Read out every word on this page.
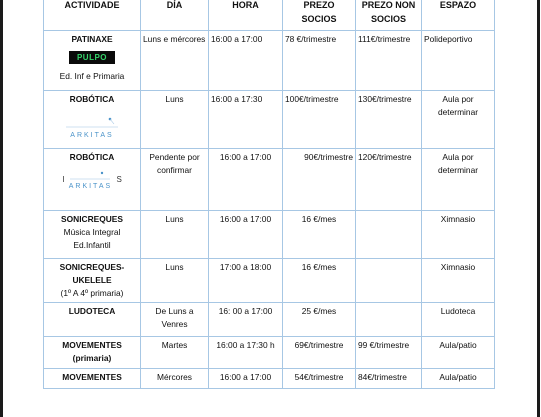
ACTIVIDADE	DÍA	HORA	PREZO SOCIOS	PREZO NON SOCIOS	ESPAZO

PATINAXE
PULPO
Ed. Inf e Primaria	Luns e mércores	16:00 a 17:00	78 €/trimestre	111€/trimestre	Polideportivo

ROBÓTICA
ARKITAS	Luns	16:00 a 17:30	100€/trimestre	130€/trimestre	Aula por determinar

ROBÓTICA
I
ARKITAS
S	Pendente por confirmar	16:00 a 17:00	90€/trimestre	120€/trimestre	Aula por determinar

SONICREQUES
Música Integral
Ed.Infantil	Luns	16:00 a 17:00	16 €/mes		Ximnasio

SONICREQUES-UKELELE
(1º A 4º primaria)	Luns	17:00 a 18:00	16 €/mes		Ximnasio

LUDOTECA	De Luns a Venres	16: 00 a 17:00	25 €/mes		Ludoteca

MOVEMENTES
(primaria)	Martes	16:00 a 17:30 h	69€/trimestre	99 €/trimestre	Aula/patio

MOVEMENTES	Mércores	16:00 a 17:00	54€/trimestre	84€/trimestre	Aula/patio
